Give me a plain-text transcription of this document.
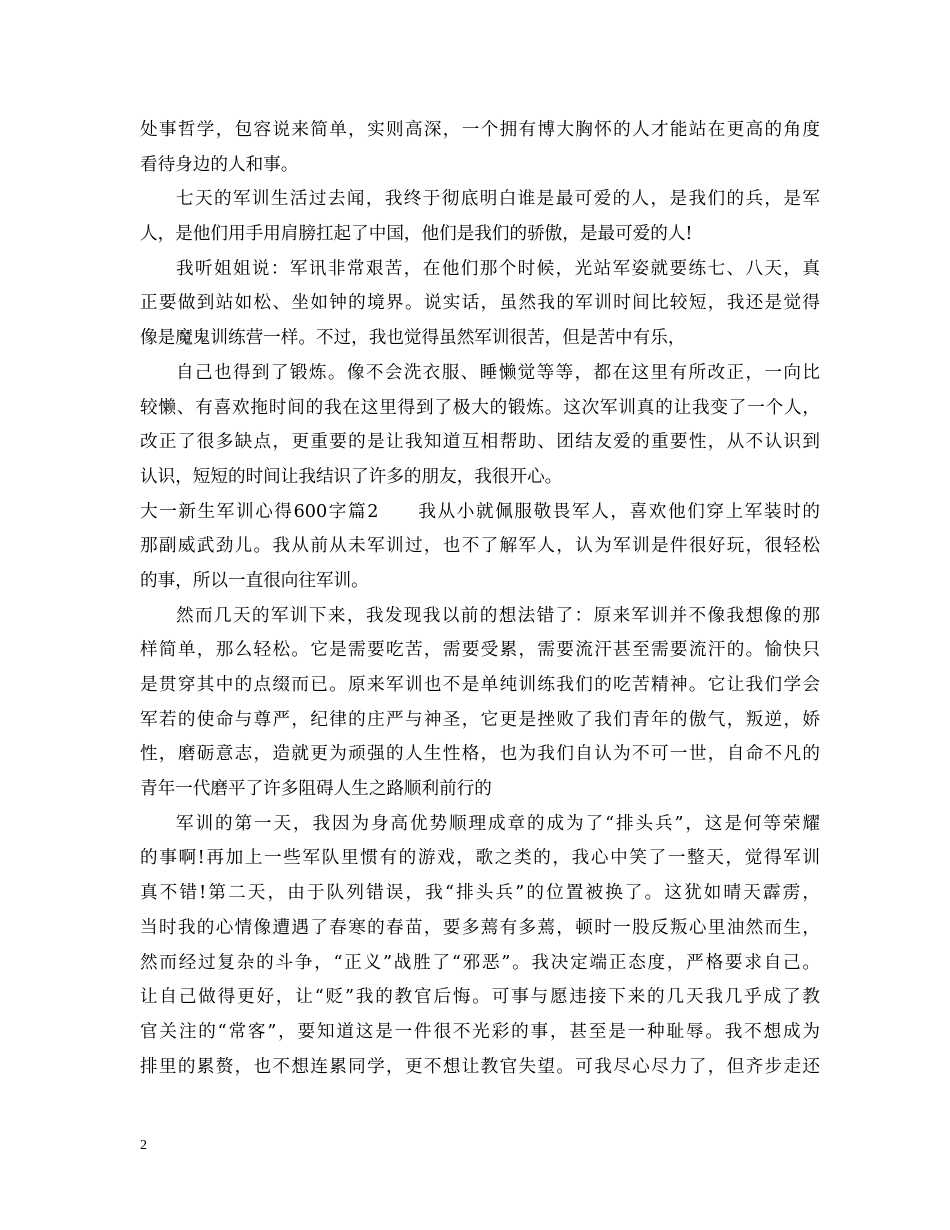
处事哲学，包容说来简单，实则高深，一个拥有博大胸怀的人才能站在更高的角度
看待身边的人和事。
七天的军训生活过去闻，我终于彻底明白谁是最可爱的人，是我们的兵，是军
人，是他们用手用肩膀扛起了中国，他们是我们的骄傲，是最可爱的人!
我听姐姐说：军讯非常艰苦，在他们那个时候，光站军姿就要练七、八天，真
正要做到站如松、坐如钟的境界。说实话，虽然我的军训时间比较短，我还是觉得
像是魔鬼训练营一样。不过，我也觉得虽然军训很苦，但是苦中有乐，
自己也得到了锻炼。像不会洗衣服、睡懒觉等等，都在这里有所改正，一向比
较懒、有喜欢拖时间的我在这里得到了极大的锻炼。这次军训真的让我变了一个人，
改正了很多缺点，更重要的是让我知道互相帮助、团结友爱的重要性，从不认识到
认识，短短的时间让我结识了许多的朋友，我很开心。
大一新生军训心得600字篇2　　我从小就佩服敬畏军人，喜欢他们穿上军装时的
那副威武劲儿。我从前从未军训过，也不了解军人，认为军训是件很好玩，很轻松
的事，所以一直很向往军训。
然而几天的军训下来，我发现我以前的想法错了：原来军训并不像我想像的那
样简单，那么轻松。它是需要吃苦，需要受累，需要流汗甚至需要流汗的。愉快只
是贯穿其中的点缀而已。原来军训也不是单纯训练我们的吃苦精神。它让我们学会
军若的使命与尊严，纪律的庄严与神圣，它更是挫败了我们青年的傲气，叛逆，娇
性，磨砺意志，造就更为顽强的人生性格，也为我们自认为不可一世，自命不凡的
青年一代磨平了许多阻碍人生之路顺利前行的
军训的第一天，我因为身高优势顺理成章的成为了“排头兵”，这是何等荣耀
的事啊!再加上一些军队里惯有的游戏，歌之类的，我心中笑了一整天，觉得军训
真不错!第二天，由于队列错误，我“排头兵”的位置被换了。这犹如晴天霹雳，
当时我的心情像遭遇了春寒的春苗，要多蔫有多蔫，顿时一股反叛心里油然而生，
然而经过复杂的斗争，“正义”战胜了“邪恶”。我决定端正态度，严格要求自己。
让自己做得更好，让“贬”我的教官后悔。可事与愿违接下来的几天我几乎成了教
官关注的“常客”，要知道这是一件很不光彩的事，甚至是一种耻辱。我不想成为
排里的累赘，也不想连累同学，更不想让教官失望。可我尽心尽力了，但齐步走还
2
